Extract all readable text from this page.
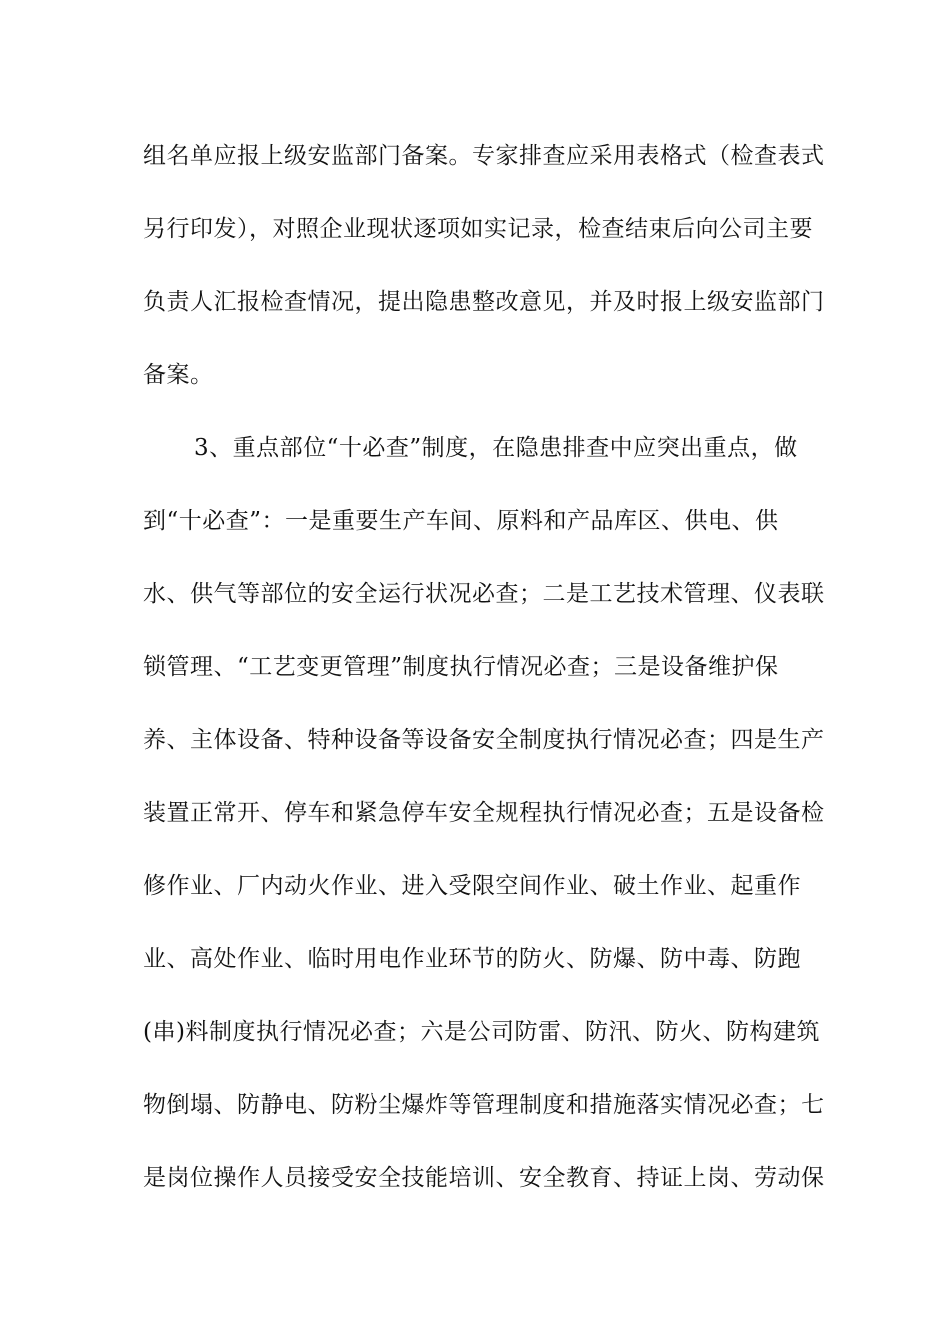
组名单应报上级安监部门备案。专家排查应采用表格式（检查表式
另行印发），对照企业现状逐项如实记录，检查结束后向公司主要
负责人汇报检查情况，提出隐患整改意见，并及时报上级安监部门
备案。
3、重点部位“十必查”制度，在隐患排查中应突出重点，做
到“十必查”：一是重要生产车间、原料和产品库区、供电、供
水、供气等部位的安全运行状况必查；二是工艺技术管理、仪表联
锁管理、“工艺变更管理”制度执行情况必查；三是设备维护保
养、主体设备、特种设备等设备安全制度执行情况必查；四是生产
装置正常开、停车和紧急停车安全规程执行情况必查；五是设备检
修作业、厂内动火作业、进入受限空间作业、破土作业、起重作
业、高处作业、临时用电作业环节的防火、防爆、防中毒、防跑
(串)料制度执行情况必查；六是公司防雷、防汛、防火、防构建筑
物倒塌、防静电、防粉尘爆炸等管理制度和措施落实情况必查；七
是岗位操作人员接受安全技能培训、安全教育、持证上岗、劳动保
